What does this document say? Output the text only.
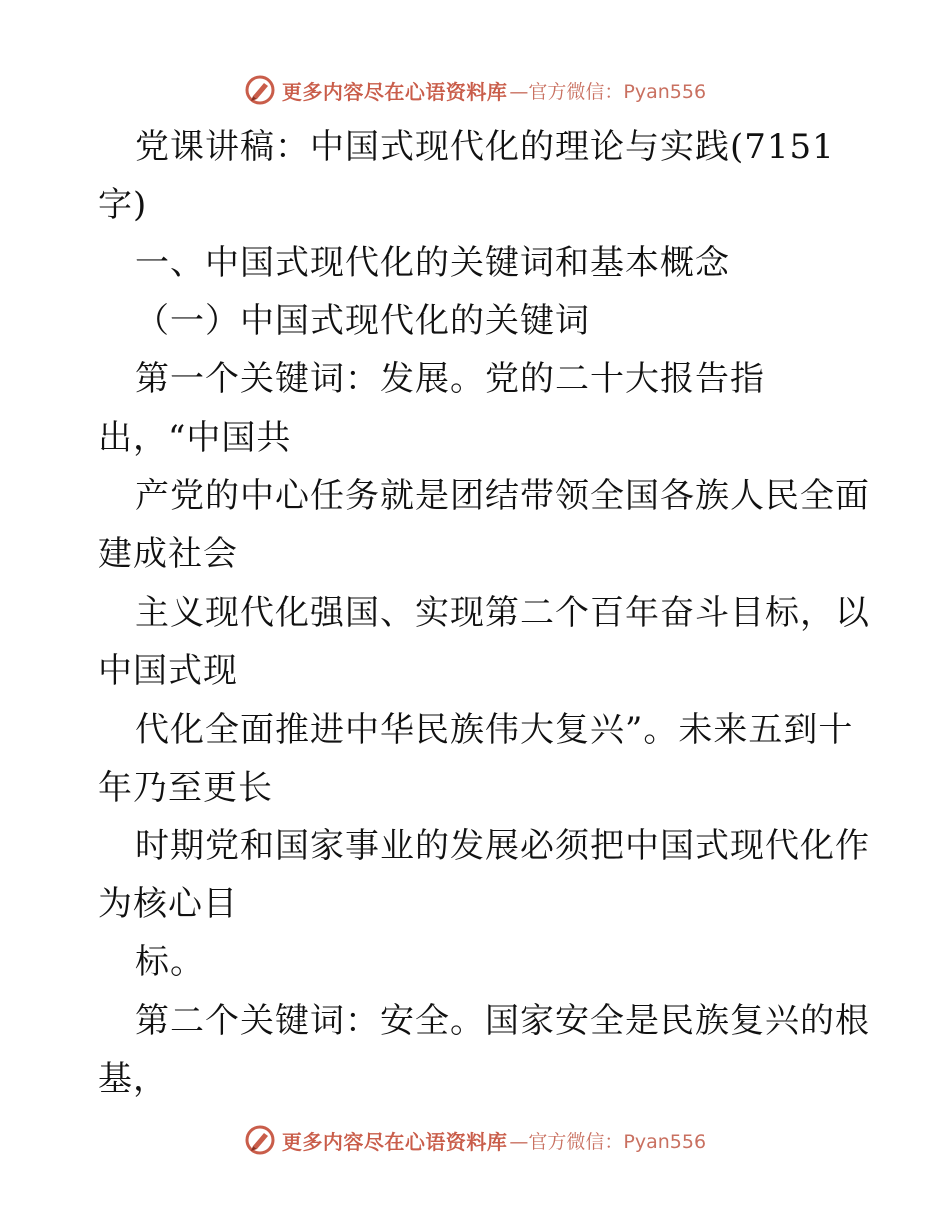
更多内容尽在心语资料库 —官方微信：Pyan556
党课讲稿：中国式现代化的理论与实践(7151
字)
一、中国式现代化的关键词和基本概念
（一）中国式现代化的关键词
第一个关键词：发展。党的二十大报告指
出，“中国共
产党的中心任务就是团结带领全国各族人民全面
建成社会
主义现代化强国、实现第二个百年奋斗目标，以
中国式现
代化全面推进中华民族伟大复兴”。未来五到十
年乃至更长
时期党和国家事业的发展必须把中国式现代化作
为核心目
标。
第二个关键词：安全。国家安全是民族复兴的根
基，
更多内容尽在心语资料库 —官方微信：Pyan556
